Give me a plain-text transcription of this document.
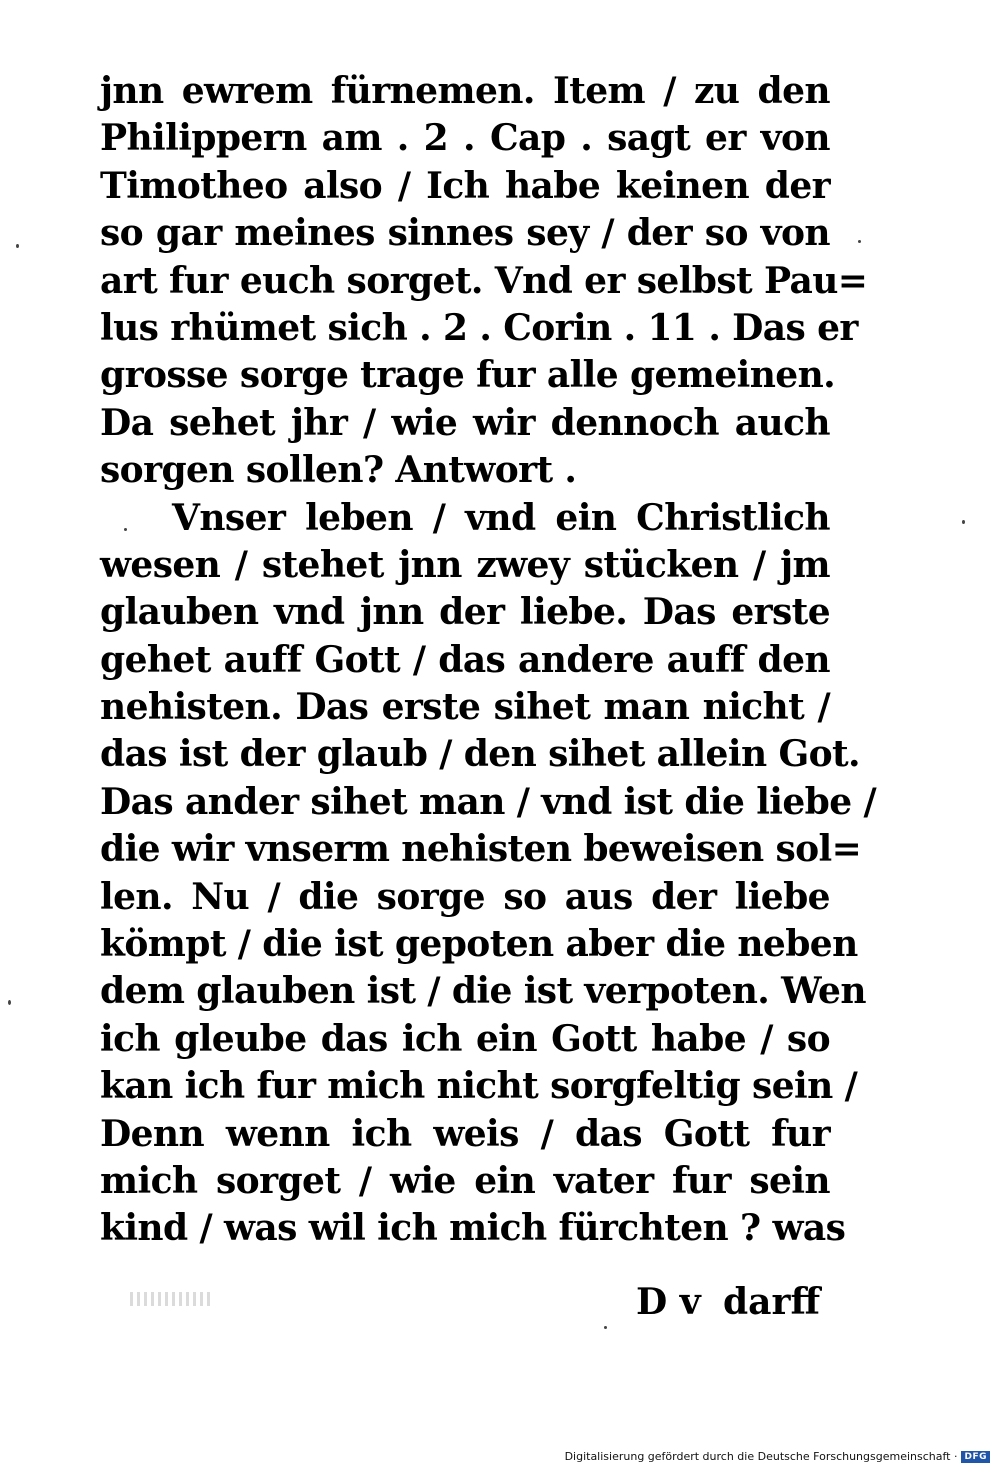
jnn ewrem fürnemen. Item / zu den
Philippern am . 2 . Cap . sagt er von
Timotheo also / Ich habe keinen der
so gar meines sinnes sey / der so von
art fur euch sorget. Vnd er selbst Pau=
lus rhümet sich . 2 . Corin . 11 . Das er
grosse sorge trage fur alle gemeinen.
Da sehet jhr / wie wir dennoch auch
sorgen sollen? Antwort .
Vnser leben / vnd ein Christlich
wesen / stehet jnn zwey stücken / jm
glauben vnd jnn der liebe. Das erste
gehet auff Gott / das andere auff den
nehisten. Das erste sihet man nicht /
das ist der glaub / den sihet allein Got.
Das ander sihet man / vnd ist die liebe /
die wir vnserm nehisten beweisen sol=
len. Nu / die sorge so aus der liebe
kömpt / die ist gepoten aber die neben
dem glauben ist / die ist verpoten. Wen
ich gleube das ich ein Gott habe / so
kan ich fur mich nicht sorgfeltig sein /
Denn wenn ich weis / das Gott fur
mich sorget / wie ein vater fur sein
kind / was wil ich mich fürchten ? was
D v darff
Digitalisierung gefördert durch die Deutsche Forschungsgemeinschaft · DFG
